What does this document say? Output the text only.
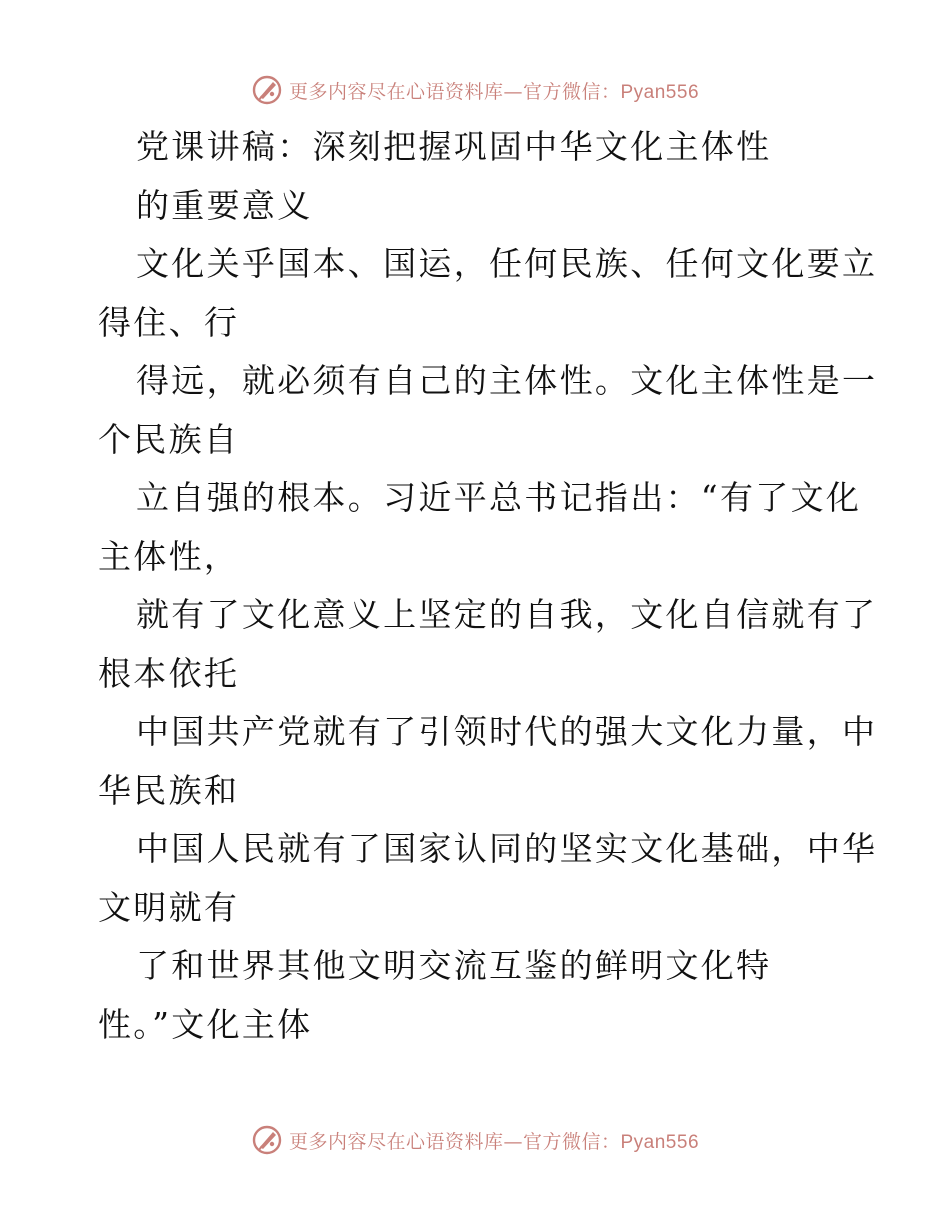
更多内容尽在心语资料库—官方微信：Pyan556
党课讲稿：深刻把握巩固中华文化主体性
的重要意义
文化关乎国本、国运，任何民族、任何文化要立
得住、行
得远，就必须有自己的主体性。文化主体性是一
个民族自
立自强的根本。习近平总书记指出：“有了文化
主体性，
就有了文化意义上坚定的自我，文化自信就有了
根本依托
中国共产党就有了引领时代的强大文化力量，中
华民族和
中国人民就有了国家认同的坚实文化基础，中华
文明就有
了和世界其他文明交流互鉴的鲜明文化特
性。”文化主体
更多内容尽在心语资料库—官方微信：Pyan556
